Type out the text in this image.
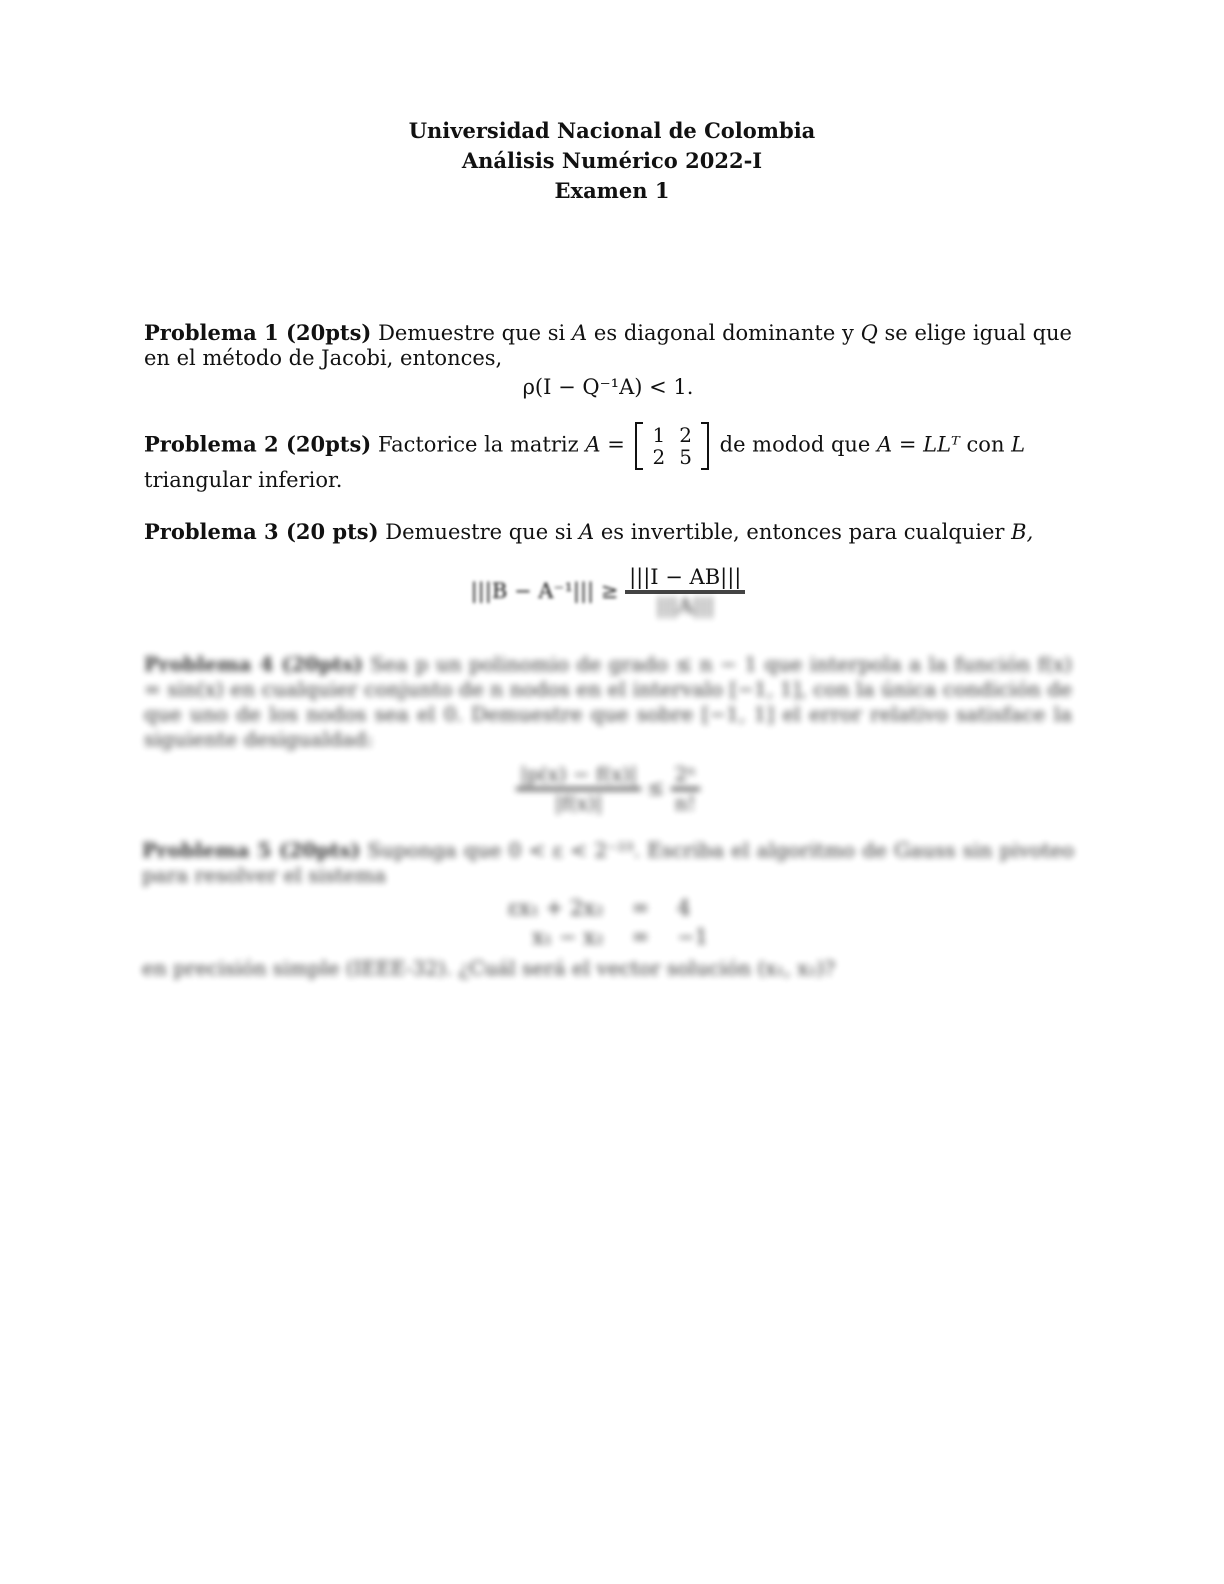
Universidad Nacional de Colombia
Análisis Numérico 2022-I
Examen 1
Problema 1 (20pts) Demuestre que si A es diagonal dominante y Q se elige igual que en el método de Jacobi, entonces,
ρ(I − Q⁻¹A) < 1.
Problema 2 (20pts) Factorice la matriz A = 1	2
2	5
de modod que A = LLᵀ con L
triangular inferior.
Problema 3 (20 pts) Demuestre que si A es invertible, entonces para cualquier B,
$|||B - A^{-1}||| \ge \frac{|||I - AB|||}{|||A|||}$
Problema 4 (20pts) Sea p un polinomio de grado ≤ n − 1 que interpola a la función f(x) = sin(x) en cualquier conjunto de n nodos en el intervalo [−1, 1], con la única condición de que uno de los nodos sea el 0. Demuestre que sobre [−1, 1] el error relativo satisface la siguiente desigualdad:
$\frac{|p(x) - f(x)|}{|f(x)|} \le \frac{\text{2ⁿ}}{n!}$
Problema 5 (20pts) Suponga que 0 < ε < 2⁻²³. Escriba el algoritmo de Gauss sin pivoteo para resolver el sistema
εx₁ + 2x₂	=	4
x₁ − x₂	=	−1
en precisión simple (IEEE-32). ¿Cuál será el vector solución (x₁, x₂)?
